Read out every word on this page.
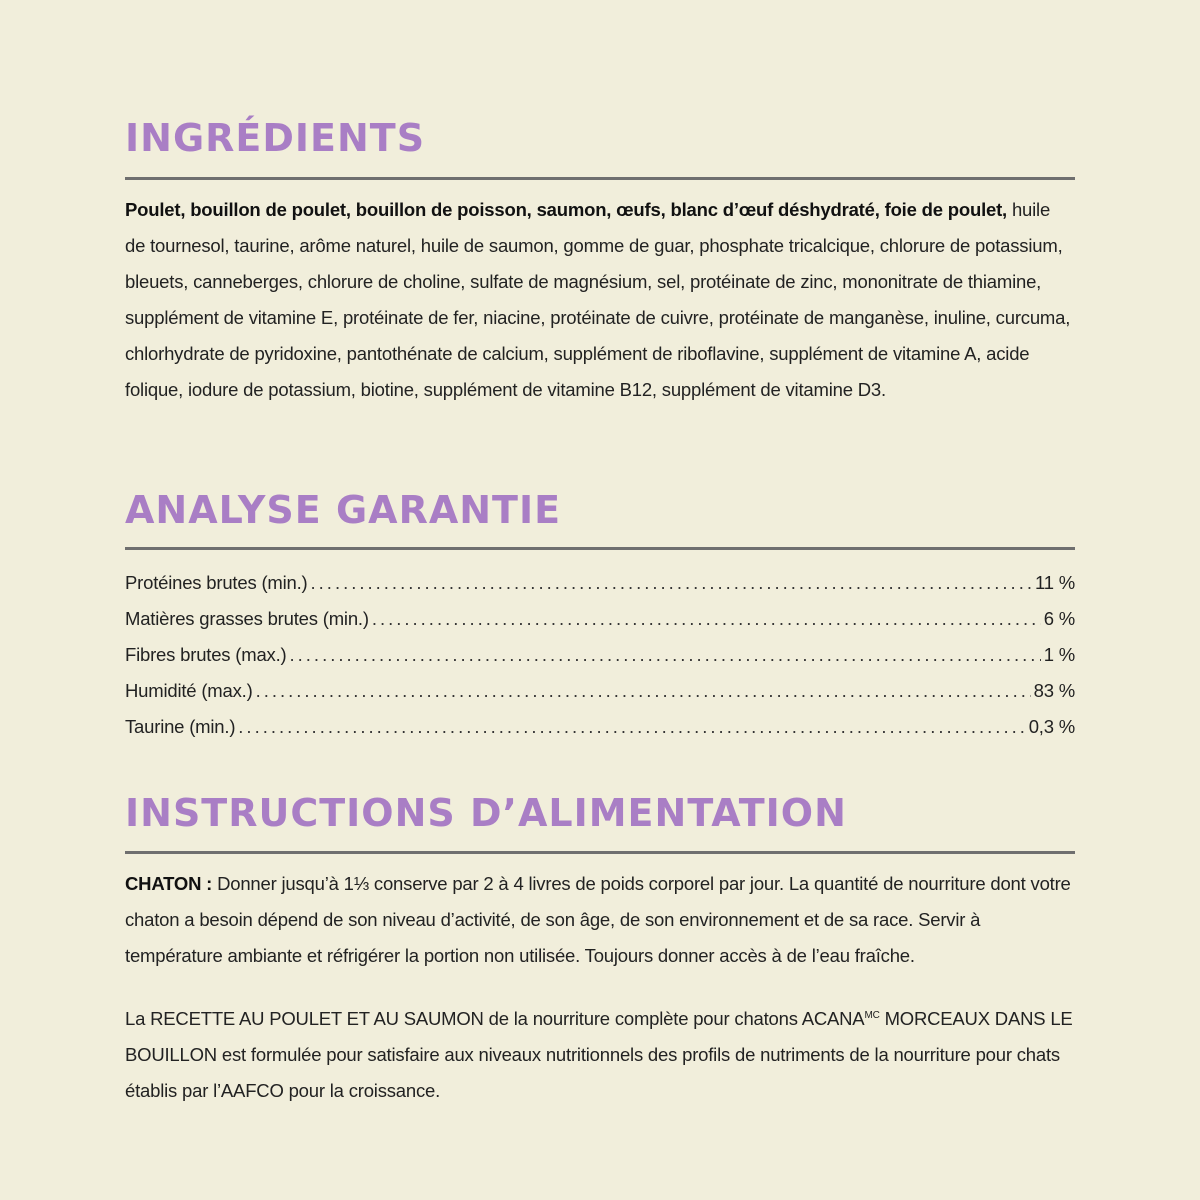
INGRÉDIENTS

Poulet, bouillon de poulet, bouillon de poisson, saumon, œufs, blanc d’œuf déshydraté, foie de poulet, huile de tournesol, taurine, arôme naturel, huile de saumon, gomme de guar, phosphate tricalcique, chlorure de potassium, bleuets, canneberges, chlorure de choline, sulfate de magnésium, sel, protéinate de zinc, mononitrate de thiamine, supplément de vitamine E, protéinate de fer, niacine, protéinate de cuivre, protéinate de manganèse, inuline, curcuma, chlorhydrate de pyridoxine, pantothénate de calcium, supplément de riboflavine, supplément de vitamine A, acide folique, iodure de potassium, biotine, supplément de vitamine B12, supplément de vitamine D3.

ANALYSE GARANTIE
Protéines brutes (min.) .....	11 %
Matières grasses brutes (min.) .....	6 %
Fibres brutes (max.) .....	1 %
Humidité (max.) .....	83 %
Taurine (min.) .....	0,3 %
INSTRUCTIONS D’ALIMENTATION

CHATON : Donner jusqu’à 1⅓ conserve par 2 à 4 livres de poids corporel par jour. La quantité de nourriture dont votre chaton a besoin dépend de son niveau d’activité, de son âge, de son environnement et de sa race. Servir à température ambiante et réfrigérer la portion non utilisée. Toujours donner accès à de l’eau fraîche.

La RECETTE AU POULET ET AU SAUMON de la nourriture complète pour chatons $ACANA^{MC}$ MORCEAUX DANS LE BOUILLON est formulée pour satisfaire aux niveaux nutritionnels des profils de nutriments de la nourriture pour chats établis par l’AAFCO pour la croissance.
